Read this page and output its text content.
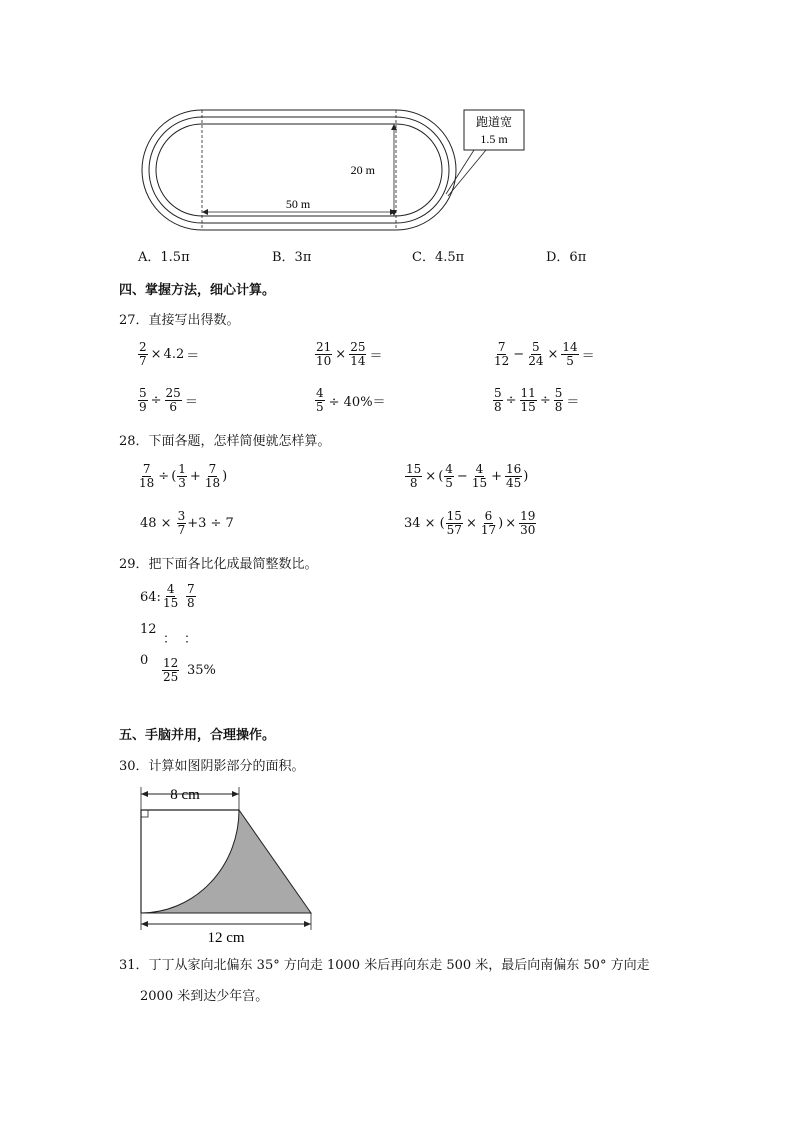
20 m
50 m
跑道宽
1.5 m
A．1.5π	B．3π	C．4.5π	D．6π
四、掌握方法，细心计算。
27．直接写出得数。
$\frac{2}{7} \times 4.2$ ＝	$\frac{21}{10} \times \frac{25}{14}$ ＝	$\frac{7}{12} - \frac{5}{24} \times \frac{14}{5}$ ＝
$\frac{5}{9} \div \frac{25}{6}$ ＝	$\frac{4}{5} \div 40\%=$	$\frac{5}{8} \div \frac{11}{15} \div \frac{5}{8}$ ＝
28．下面各题，怎样简便就怎样算。
$\frac{7}{18}$ ÷ ( $\frac{1}{3} + \frac{7}{18}$ )	$\frac{15}{8}$ × ( $\frac{4}{5} - \frac{4}{15} + \frac{16}{45}$ )
$48 \times \frac{3}{7} +3 \div 7$	34 × ( $\frac{15}{57} \times \frac{6}{17}$ ) × $\frac{19}{30}$
29．把下面各比化成最简整数比。
64: $\frac{4}{15} \frac{7}{8}$
12
： ：
$0 \frac{12}{25} 35\%$
五、手脑并用，合理操作。
30．计算如图阴影部分的面积。
8 cm
12 cm
31．丁丁从家向北偏东 35° 方向走 1000 米后再向东走 500 米，最后向南偏东 50° 方向走
2000 米到达少年宫。
